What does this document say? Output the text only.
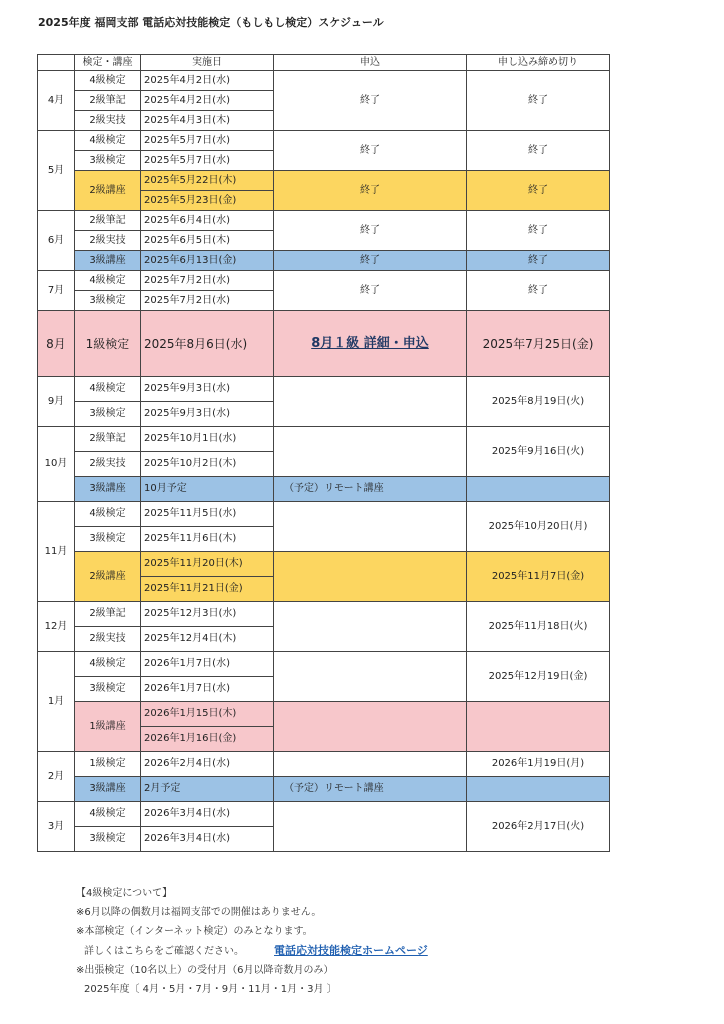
2025年度 福岡支部 電話応対技能検定（もしもし検定）スケジュール
	検定・講座	実施日	申込	申し込み締め切り
4月	4級検定	2025年4月2日(水)	終了	終了
	2級筆記	2025年4月2日(水)		
	2級実技	2025年4月3日(木)		
5月	4級検定	2025年5月7日(水)	終了	終了
	3級検定	2025年5月7日(水)		
	2級講座	2025年5月22日(木)	終了	終了
		2025年5月23日(金)		
6月	2級筆記	2025年6月4日(水)	終了	終了
	2級実技	2025年6月5日(木)		
	3級講座	2025年6月13日(金)	終了	終了
7月	4級検定	2025年7月2日(水)	終了	終了
	3級検定	2025年7月2日(水)		
8月	1級検定	2025年8月6日(水)	8月１級 詳細・申込	2025年7月25日(金)
9月	4級検定	2025年9月3日(水)		2025年8月19日(火)
	3級検定	2025年9月3日(水)		
10月	2級筆記	2025年10月1日(水)		2025年9月16日(火)
	2級実技	2025年10月2日(木)		
	3級講座	10月予定	（予定）リモート講座	
11月	4級検定	2025年11月5日(水)		2025年10月20日(月)
	3級検定	2025年11月6日(木)		
	2級講座	2025年11月20日(木)		2025年11月7日(金)
		2025年11月21日(金)		
12月	2級筆記	2025年12月3日(水)		2025年11月18日(火)
	2級実技	2025年12月4日(木)		
1月	4級検定	2026年1月7日(水)		2025年12月19日(金)
	3級検定	2026年1月7日(水)		
	1級講座	2026年1月15日(木)		
		2026年1月16日(金)		
2月	1級検定	2026年2月4日(水)		2026年1月19日(月)
	3級講座	2月予定	（予定）リモート講座	
3月	4級検定	2026年3月4日(水)		2026年2月17日(火)
	3級検定	2026年3月4日(水)		
【4級検定について】
※6月以降の偶数月は福岡支部での開催はありません。
※本部検定（インターネット検定）のみとなります。
詳しくはこちらをご確認ください。	電話応対技能検定ホームページ
※出張検定（10名以上）の受付月（6月以降奇数月のみ）
2025年度〔 4月・5月・7月・9月・11月・1月・3月 〕
